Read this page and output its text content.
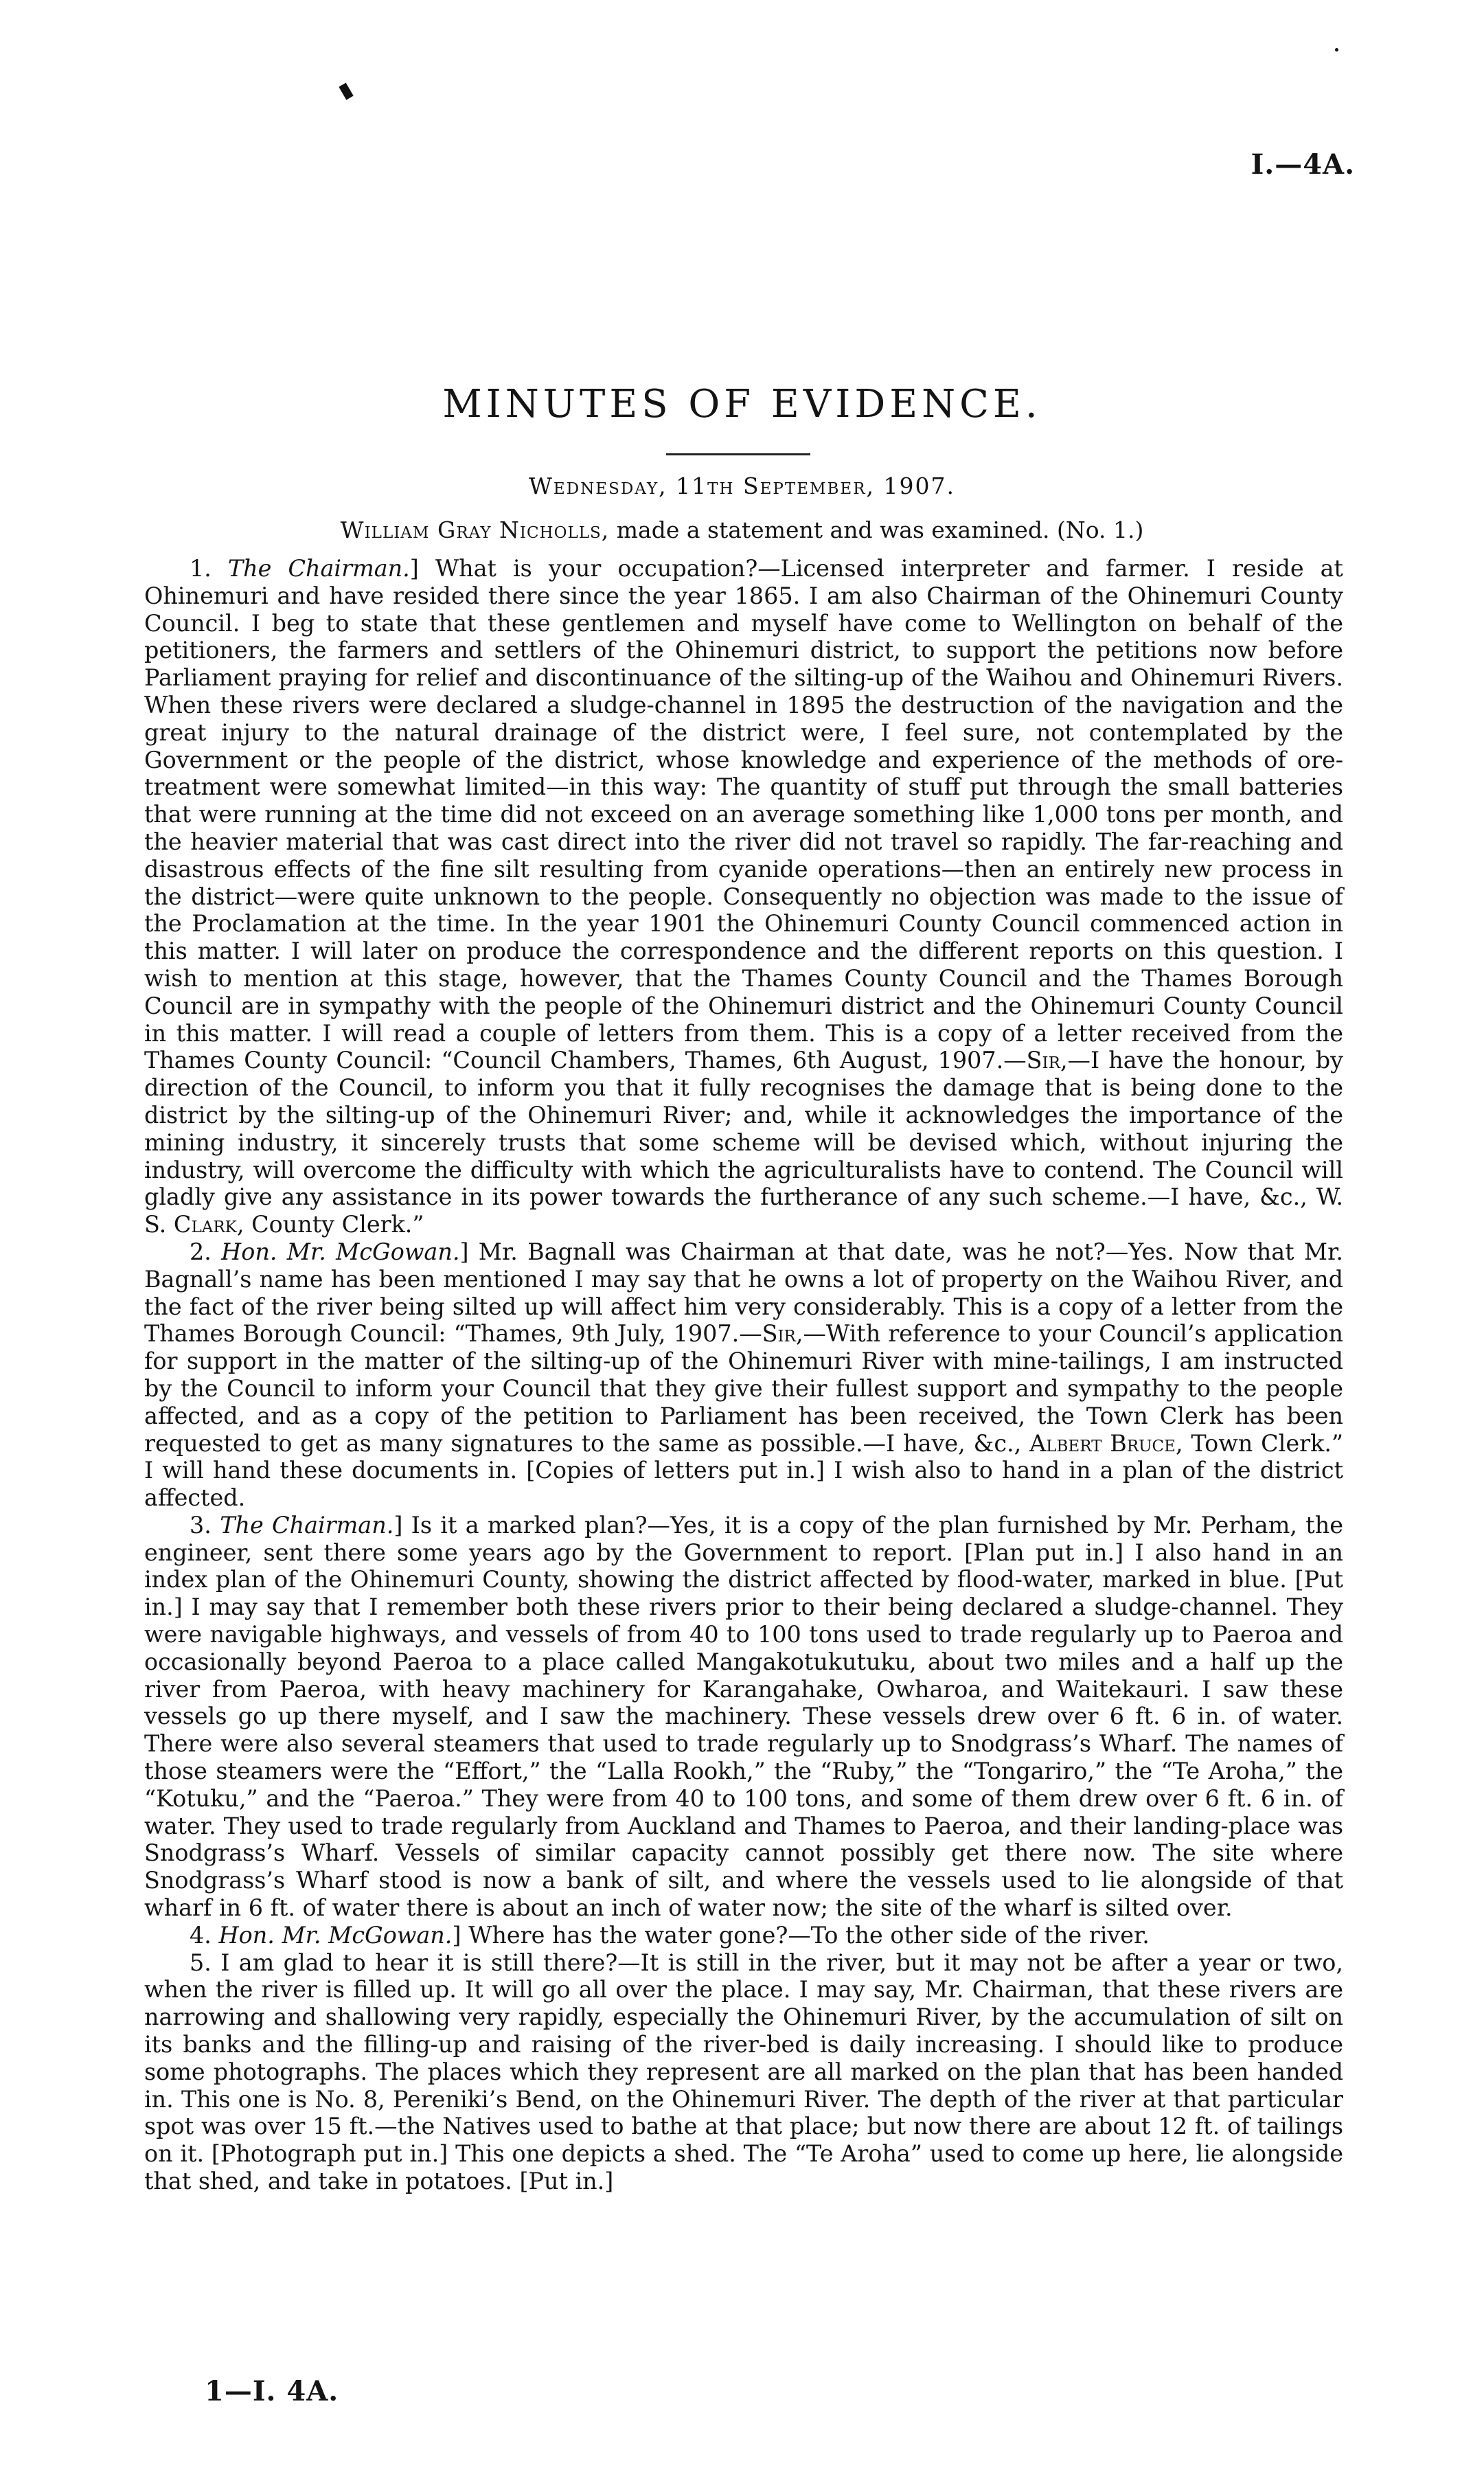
I.—4A.
MINUTES OF EVIDENCE.
Wednesday, 11th September, 1907.
William Gray Nicholls, made a statement and was examined. (No. 1.)

1. The Chairman.] What is your occupation?—Licensed interpreter and farmer. I reside at Ohinemuri and have resided there since the year 1865. I am also Chairman of the Ohinemuri County Council. I beg to state that these gentlemen and myself have come to Wellington on behalf of the petitioners, the farmers and settlers of the Ohinemuri district, to support the petitions now before Parliament praying for relief and discontinuance of the silting-up of the Waihou and Ohinemuri Rivers. When these rivers were declared a sludge-channel in 1895 the destruction of the navigation and the great injury to the natural drainage of the district were, I feel sure, not contemplated by the Government or the people of the district, whose knowledge and experience of the methods of ore-treatment were somewhat limited—in this way: The quantity of stuff put through the small batteries that were running at the time did not exceed on an average something like 1,000 tons per month, and the heavier material that was cast direct into the river did not travel so rapidly. The far-reaching and disastrous effects of the fine silt resulting from cyanide operations—then an entirely new process in the district—were quite unknown to the people. Consequently no objection was made to the issue of the Proclamation at the time. In the year 1901 the Ohinemuri County Council commenced action in this matter. I will later on produce the correspondence and the different reports on this question. I wish to mention at this stage, however, that the Thames County Council and the Thames Borough Council are in sympathy with the people of the Ohinemuri district and the Ohinemuri County Council in this matter. I will read a couple of letters from them. This is a copy of a letter received from the Thames County Council: “Council Chambers, Thames, 6th August, 1907.—Sir,—I have the honour, by direction of the Council, to inform you that it fully recognises the damage that is being done to the district by the silting-up of the Ohinemuri River; and, while it acknowledges the importance of the mining industry, it sincerely trusts that some scheme will be devised which, without injuring the industry, will overcome the difficulty with which the agriculturalists have to contend. The Council will gladly give any assistance in its power towards the furtherance of any such scheme.—I have, &c., W. S. Clark, County Clerk.”

2. Hon. Mr. McGowan.] Mr. Bagnall was Chairman at that date, was he not?—Yes. Now that Mr. Bagnall’s name has been mentioned I may say that he owns a lot of property on the Waihou River, and the fact of the river being silted up will affect him very considerably. This is a copy of a letter from the Thames Borough Council: “Thames, 9th July, 1907.—Sir,—With reference to your Council’s application for support in the matter of the silting-up of the Ohinemuri River with mine-tailings, I am instructed by the Council to inform your Council that they give their fullest support and sympathy to the people affected, and as a copy of the petition to Parliament has been received, the Town Clerk has been requested to get as many signatures to the same as possible.—I have, &c., Albert Bruce, Town Clerk.” I will hand these documents in. [Copies of letters put in.] I wish also to hand in a plan of the district affected.

3. The Chairman.] Is it a marked plan?—Yes, it is a copy of the plan furnished by Mr. Perham, the engineer, sent there some years ago by the Government to report. [Plan put in.] I also hand in an index plan of the Ohinemuri County, showing the district affected by flood-water, marked in blue. [Put in.] I may say that I remember both these rivers prior to their being declared a sludge-channel. They were navigable highways, and vessels of from 40 to 100 tons used to trade regularly up to Paeroa and occasionally beyond Paeroa to a place called Mangakotukutuku, about two miles and a half up the river from Paeroa, with heavy machinery for Karangahake, Owharoa, and Waitekauri. I saw these vessels go up there myself, and I saw the machinery. These vessels drew over 6 ft. 6 in. of water. There were also several steamers that used to trade regularly up to Snodgrass’s Wharf. The names of those steamers were the “Effort,” the “Lalla Rookh,” the “Ruby,” the “Tongariro,” the “Te Aroha,” the “Kotuku,” and the “Paeroa.” They were from 40 to 100 tons, and some of them drew over 6 ft. 6 in. of water. They used to trade regularly from Auckland and Thames to Paeroa, and their landing-place was Snodgrass’s Wharf. Vessels of similar capacity cannot possibly get there now. The site where Snodgrass’s Wharf stood is now a bank of silt, and where the vessels used to lie alongside of that wharf in 6 ft. of water there is about an inch of water now; the site of the wharf is silted over.

4. Hon. Mr. McGowan.] Where has the water gone?—To the other side of the river.

5. I am glad to hear it is still there?—It is still in the river, but it may not be after a year or two, when the river is filled up. It will go all over the place. I may say, Mr. Chairman, that these rivers are narrowing and shallowing very rapidly, especially the Ohinemuri River, by the accumulation of silt on its banks and the filling-up and raising of the river-bed is daily increasing. I should like to produce some photographs. The places which they represent are all marked on the plan that has been handed in. This one is No. 8, Pereniki’s Bend, on the Ohinemuri River. The depth of the river at that particular spot was over 15 ft.—the Natives used to bathe at that place; but now there are about 12 ft. of tailings on it. [Photograph put in.] This one depicts a shed. The “Te Aroha” used to come up here, lie alongside that shed, and take in potatoes. [Put in.]

1—I. 4A.
